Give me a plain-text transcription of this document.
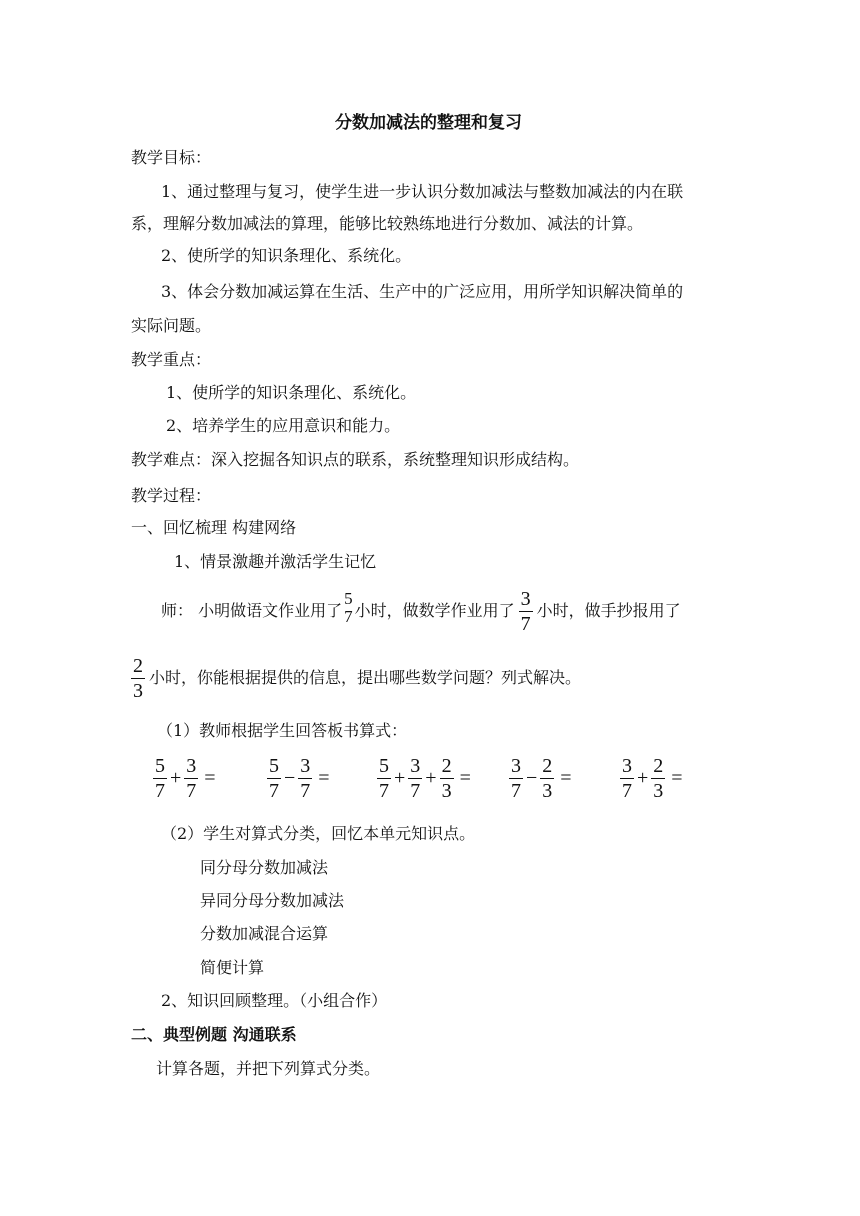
分数加减法的整理和复习
教学目标：
1、通过整理与复习，使学生进一步认识分数加减法与整数加减法的内在联
系，理解分数加减法的算理，能够比较熟练地进行分数加、减法的计算。
2、使所学的知识条理化、系统化。
3、体会分数加减运算在生活、生产中的广泛应用，用所学知识解决简单的
实际问题。
教学重点：
1、使所学的知识条理化、系统化。
2、培养学生的应用意识和能力。
教学难点：深入挖掘各知识点的联系，系统整理知识形成结构。
教学过程：
一、回忆梳理 构建网络
1、情景激趣并激活学生记忆
师： 小明做语文作业用了
5
7 小时，做数学作业用了 $\frac{3}{7}$ 小时，做手抄报用了
$\frac{2}{3}$ 小时，你能根据提供的信息，提出哪些数学问题？列式解决。
（1）教师根据学生回答板书算式：
$\frac{5}{7} + \frac{3}{7}$ =	$\frac{5}{7} - \frac{3}{7} = \frac{5}{7} + \frac{3}{7} + \frac{2}{3} = \frac{3}{7} - \frac{2}{3} = \frac{3}{7} + \frac{2}{3}$ =
（2）学生对算式分类，回忆本单元知识点。
同分母分数加减法
异同分母分数加减法
分数加减混合运算
简便计算
2、知识回顾整理。（小组合作）
二、典型例题 沟通联系
计算各题，并把下列算式分类。
